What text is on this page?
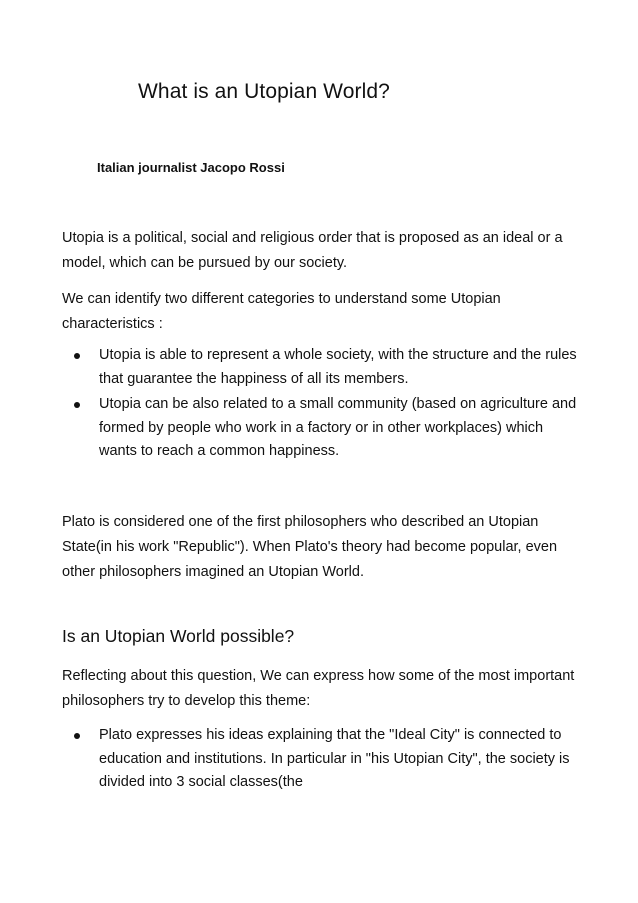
What is an Utopian World?
Italian journalist Jacopo Rossi

Utopia is a political, social and religious order that is proposed as an ideal or a model, which can be pursued by our society.

We can identify two different categories to understand some Utopian characteristics :

Utopia is able to represent a whole society, with the structure and the rules that guarantee the happiness of all its members.
Utopia can be also related to a small community (based on agriculture and formed by people who work in a factory or in other workplaces) which wants to reach a common happiness.

Plato is considered one of the first philosophers who described an Utopian State(in his work "Republic"). When Plato's theory had become popular, even other philosophers imagined an Utopian World.

Is an Utopian World possible?

Reflecting about this question, We can express how some of the most important philosophers try to develop this theme:

Plato expresses his ideas explaining that the "Ideal City" is connected to education and institutions. In particular in "his Utopian City", the society is divided into 3 social classes(the
